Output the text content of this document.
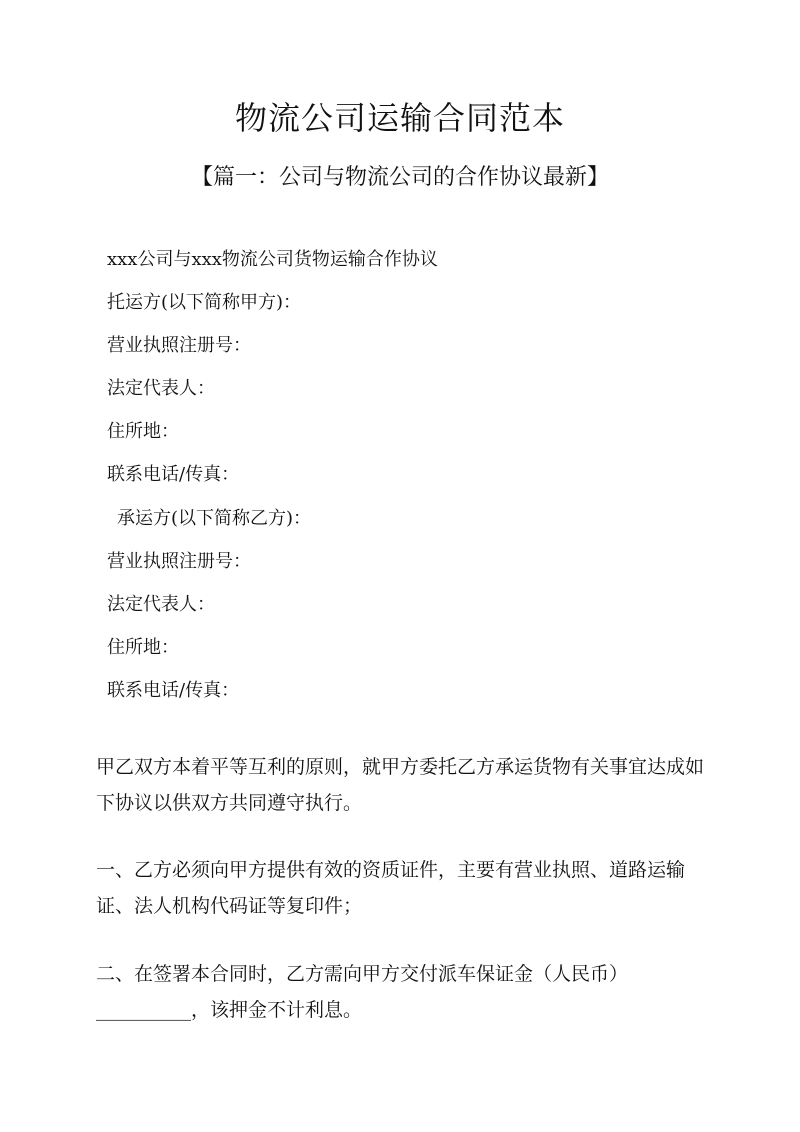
物流公司运输合同范本
【篇一：公司与物流公司的合作协议最新】
xxx公司与xxx物流公司货物运输合作协议
托运方(以下简称甲方)：
营业执照注册号：
法定代表人：
住所地：
联系电话/传真：
承运方(以下简称乙方)：
营业执照注册号：
法定代表人：
住所地：
联系电话/传真：

甲乙双方本着平等互利的原则，就甲方委托乙方承运货物有关事宜达成如下协议以供双方共同遵守执行。

一、乙方必须向甲方提供有效的资质证件，主要有营业执照、道路运输证、法人机构代码证等复印件；

二、在签署本合同时，乙方需向甲方交付派车保证金（人民币）__________，该押金不计利息。
